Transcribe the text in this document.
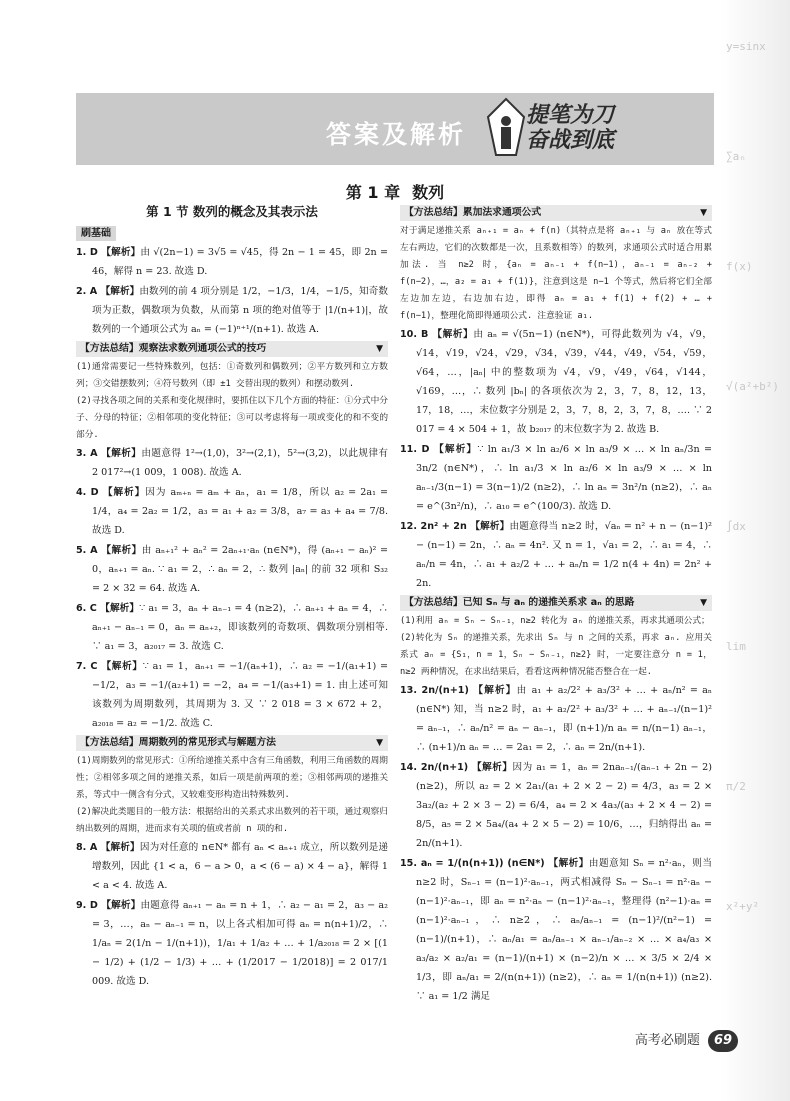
y=sinx
∑aₙ
f(x)
√(a²+b²)
∫dx
lim
π/2
x²+y²
答案及解析
提笔为刀
奋战到底
第 1 章 数列
第 1 节 数列的概念及其表示法
刷基础
1. D 【解析】由 √(2n−1) = 3√5 = √45，得 2n − 1 = 45，即 2n = 46，解得 n = 23. 故选 D.
2. A 【解析】由数列的前 4 项分别是 1/2，−1/3，1/4，−1/5，知奇数项为正数，偶数项为负数，从而第 n 项的绝对值等于 |1/(n+1)|，故数列的一个通项公式为 aₙ = (−1)ⁿ⁺¹/(n+1). 故选 A.
【方法总结】观察法求数列通项公式的技巧	▼
(1)通常需要记一些特殊数列，包括：①奇数列和偶数列；②平方数列和立方数列；③交错摆数列；④符号数列（即 ±1 交替出现的数列）和摆动数列.
(2)寻找各项之间的关系和变化规律时，要抓住以下几个方面的特征：①分式中分子、分母的特征；②相邻项的变化特征；③可以考虑将每一项或变化的和不变的部分.
3. A 【解析】由题意得 1²→(1,0)，3²→(2,1)，5²→(3,2)，以此规律有 2 017²→(1 009，1 008). 故选 A.
4. D 【解析】因为 aₘ₊ₙ = aₘ + aₙ，a₁ = 1/8，所以 a₂ = 2a₁ = 1/4，a₄ = 2a₂ = 1/2，a₃ = a₁ + a₂ = 3/8，a₇ = a₃ + a₄ = 7/8. 故选 D.
5. A 【解析】由 aₙ₊₁² + aₙ² = 2aₙ₊₁·aₙ (n∈N*)，得 (aₙ₊₁ − aₙ)² = 0，aₙ₊₁ = aₙ. ∵ a₁ = 2，∴ aₙ = 2，∴ 数列 |aₙ| 的前 32 项和 S₃₂ = 2 × 32 = 64. 故选 A.
6. C 【解析】∵ a₁ = 3，aₙ + aₙ₋₁ = 4 (n≥2)，∴ aₙ₊₁ + aₙ = 4，∴ aₙ₊₁ − aₙ₋₁ = 0，aₙ = aₙ₊₂，即该数列的奇数项、偶数项分别相等. ∵ a₁ = 3，a₂₀₁₇ = 3. 故选 C.
7. C 【解析】∵ a₁ = 1，aₙ₊₁ = −1/(aₙ+1)，∴ a₂ = −1/(a₁+1) = −1/2，a₃ = −1/(a₂+1) = −2，a₄ = −1/(a₃+1) = 1. 由上述可知该数列为周期数列，其周期为 3. 又 ∵ 2 018 = 3 × 672 + 2，a₂₀₁₈ = a₂ = −1/2. 故选 C.
【方法总结】周期数列的常见形式与解题方法	▼
(1)周期数列的常见形式：①所给递推关系中含有三角函数，利用三角函数的周期性；②相邻多项之间的递推关系，如后一项是前两项的差；③相邻两项的递推关系，等式中一侧含有分式，又较难变形构造出特殊数列.
(2)解决此类题目的一般方法：根据给出的关系式求出数列的若干项，通过观察归纳出数列的周期，进而求有关项的值或者前 n 项的和.
8. A 【解析】因为对任意的 n∈N* 都有 aₙ < aₙ₊₁ 成立，所以数列是递增数列，因此 {1 < a，6 − a > 0，a < (6 − a) × 4 − a}，解得 1 < a < 4. 故选 A.
9. D 【解析】由题意得 aₙ₊₁ − aₙ = n + 1，∴ a₂ − a₁ = 2，a₃ − a₂ = 3，…，aₙ − aₙ₋₁ = n，以上各式相加可得 aₙ = n(n+1)/2，∴ 1/aₙ = 2(1/n − 1/(n+1))，1/a₁ + 1/a₂ + … + 1/a₂₀₁₈ = 2 × [(1 − 1/2) + (1/2 − 1/3) + … + (1/2017 − 1/2018)] = 2 017/1 009. 故选 D.
【方法总结】累加法求通项公式	▼
对于满足递推关系 aₙ₊₁ = aₙ + f(n)（其特点是将 aₙ₊₁ 与 aₙ 放在等式左右两边，它们的次数都是一次，且系数相等）的数列，求通项公式时适合用累加法. 当 n≥2 时，{aₙ = aₙ₋₁ + f(n−1)，aₙ₋₁ = aₙ₋₂ + f(n−2)，…，a₂ = a₁ + f(1)}，注意到这是 n−1 个等式，然后将它们全部左边加左边，右边加右边，即得 aₙ = a₁ + f(1) + f(2) + … + f(n−1)，整理化简即得通项公式. 注意验证 a₁.
10. B 【解析】由 aₙ = √(5n−1) (n∈N*)，可得此数列为 √4，√9，√14，√19，√24，√29，√34，√39，√44，√49，√54，√59，√64，…，|aₙ| 中的整数项为 √4，√9，√49，√64，√144，√169，…，∴ 数列 |bₙ| 的各项依次为 2，3，7，8，12，13，17，18，…，末位数字分别是 2，3，7，8，2，3，7，8，…. ∵ 2 017 = 4 × 504 + 1，故 b₂₀₁₇ 的末位数字为 2. 故选 B.
11. D 【解析】∵ ln a₁/3 × ln a₂/6 × ln a₃/9 × … × ln aₙ/3n = 3n/2 (n∈N*)，∴ ln a₁/3 × ln a₂/6 × ln a₃/9 × … × ln aₙ₋₁/3(n−1) = 3(n−1)/2 (n≥2)，∴ ln aₙ = 3n²/n (n≥2)，∴ aₙ = e^(3n²/n)，∴ a₁₀ = e^(100/3). 故选 D.
12. 2n² + 2n 【解析】由题意得当 n≥2 时，√aₙ = n² + n − (n−1)² − (n−1) = 2n，∴ aₙ = 4n². 又 n = 1，√a₁ = 2，∴ a₁ = 4，∴ aₙ/n = 4n，∴ a₁ + a₂/2 + … + aₙ/n = 1/2 n(4 + 4n) = 2n² + 2n.
【方法总结】已知 Sₙ 与 aₙ 的递推关系求 aₙ 的思路	▼
(1)利用 aₙ = Sₙ − Sₙ₋₁，n≥2 转化为 aₙ 的递推关系，再求其通项公式；
(2)转化为 Sₙ 的递推关系，先求出 Sₙ 与 n 之间的关系，再求 aₙ. 应用关系式 aₙ = {S₁，n = 1，Sₙ − Sₙ₋₁，n≥2} 时，一定要注意分 n = 1，n≥2 两种情况，在求出结果后，看看这两种情况能否整合在一起.
13. 2n/(n+1) 【解析】由 a₁ + a₂/2² + a₃/3² + … + aₙ/n² = aₙ (n∈N*) 知，当 n≥2 时，a₁ + a₂/2² + a₃/3² + … + aₙ₋₁/(n−1)² = aₙ₋₁，∴ aₙ/n² = aₙ − aₙ₋₁，即 (n+1)/n aₙ = n/(n−1) aₙ₋₁，∴ (n+1)/n aₙ = … = 2a₁ = 2，∴ aₙ = 2n/(n+1).
14. 2n/(n+1) 【解析】因为 a₁ = 1，aₙ = 2naₙ₋₁/(aₙ₋₁ + 2n − 2) (n≥2)，所以 a₂ = 2 × 2a₁/(a₁ + 2 × 2 − 2) = 4/3，a₃ = 2 × 3a₂/(a₂ + 2 × 3 − 2) = 6/4，a₄ = 2 × 4a₃/(a₃ + 2 × 4 − 2) = 8/5，a₅ = 2 × 5a₄/(a₄ + 2 × 5 − 2) = 10/6，…，归纳得出 aₙ = 2n/(n+1).
15. aₙ = 1/(n(n+1)) (n∈N*) 【解析】由题意知 Sₙ = n²·aₙ，则当 n≥2 时，Sₙ₋₁ = (n−1)²·aₙ₋₁，两式相减得 Sₙ − Sₙ₋₁ = n²·aₙ − (n−1)²·aₙ₋₁，即 aₙ = n²·aₙ − (n−1)²·aₙ₋₁，整理得 (n²−1)·aₙ = (n−1)²·aₙ₋₁，∴ n≥2，∴ aₙ/aₙ₋₁ = (n−1)²/(n²−1) = (n−1)/(n+1)，∴ aₙ/a₁ = aₙ/aₙ₋₁ × aₙ₋₁/aₙ₋₂ × … × a₄/a₃ × a₃/a₂ × a₂/a₁ = (n−1)/(n+1) × (n−2)/n × … × 3/5 × 2/4 × 1/3，即 aₙ/a₁ = 2/(n(n+1)) (n≥2)，∴ aₙ = 1/(n(n+1)) (n≥2). ∵ a₁ = 1/2 满足
高考必刷题 69
